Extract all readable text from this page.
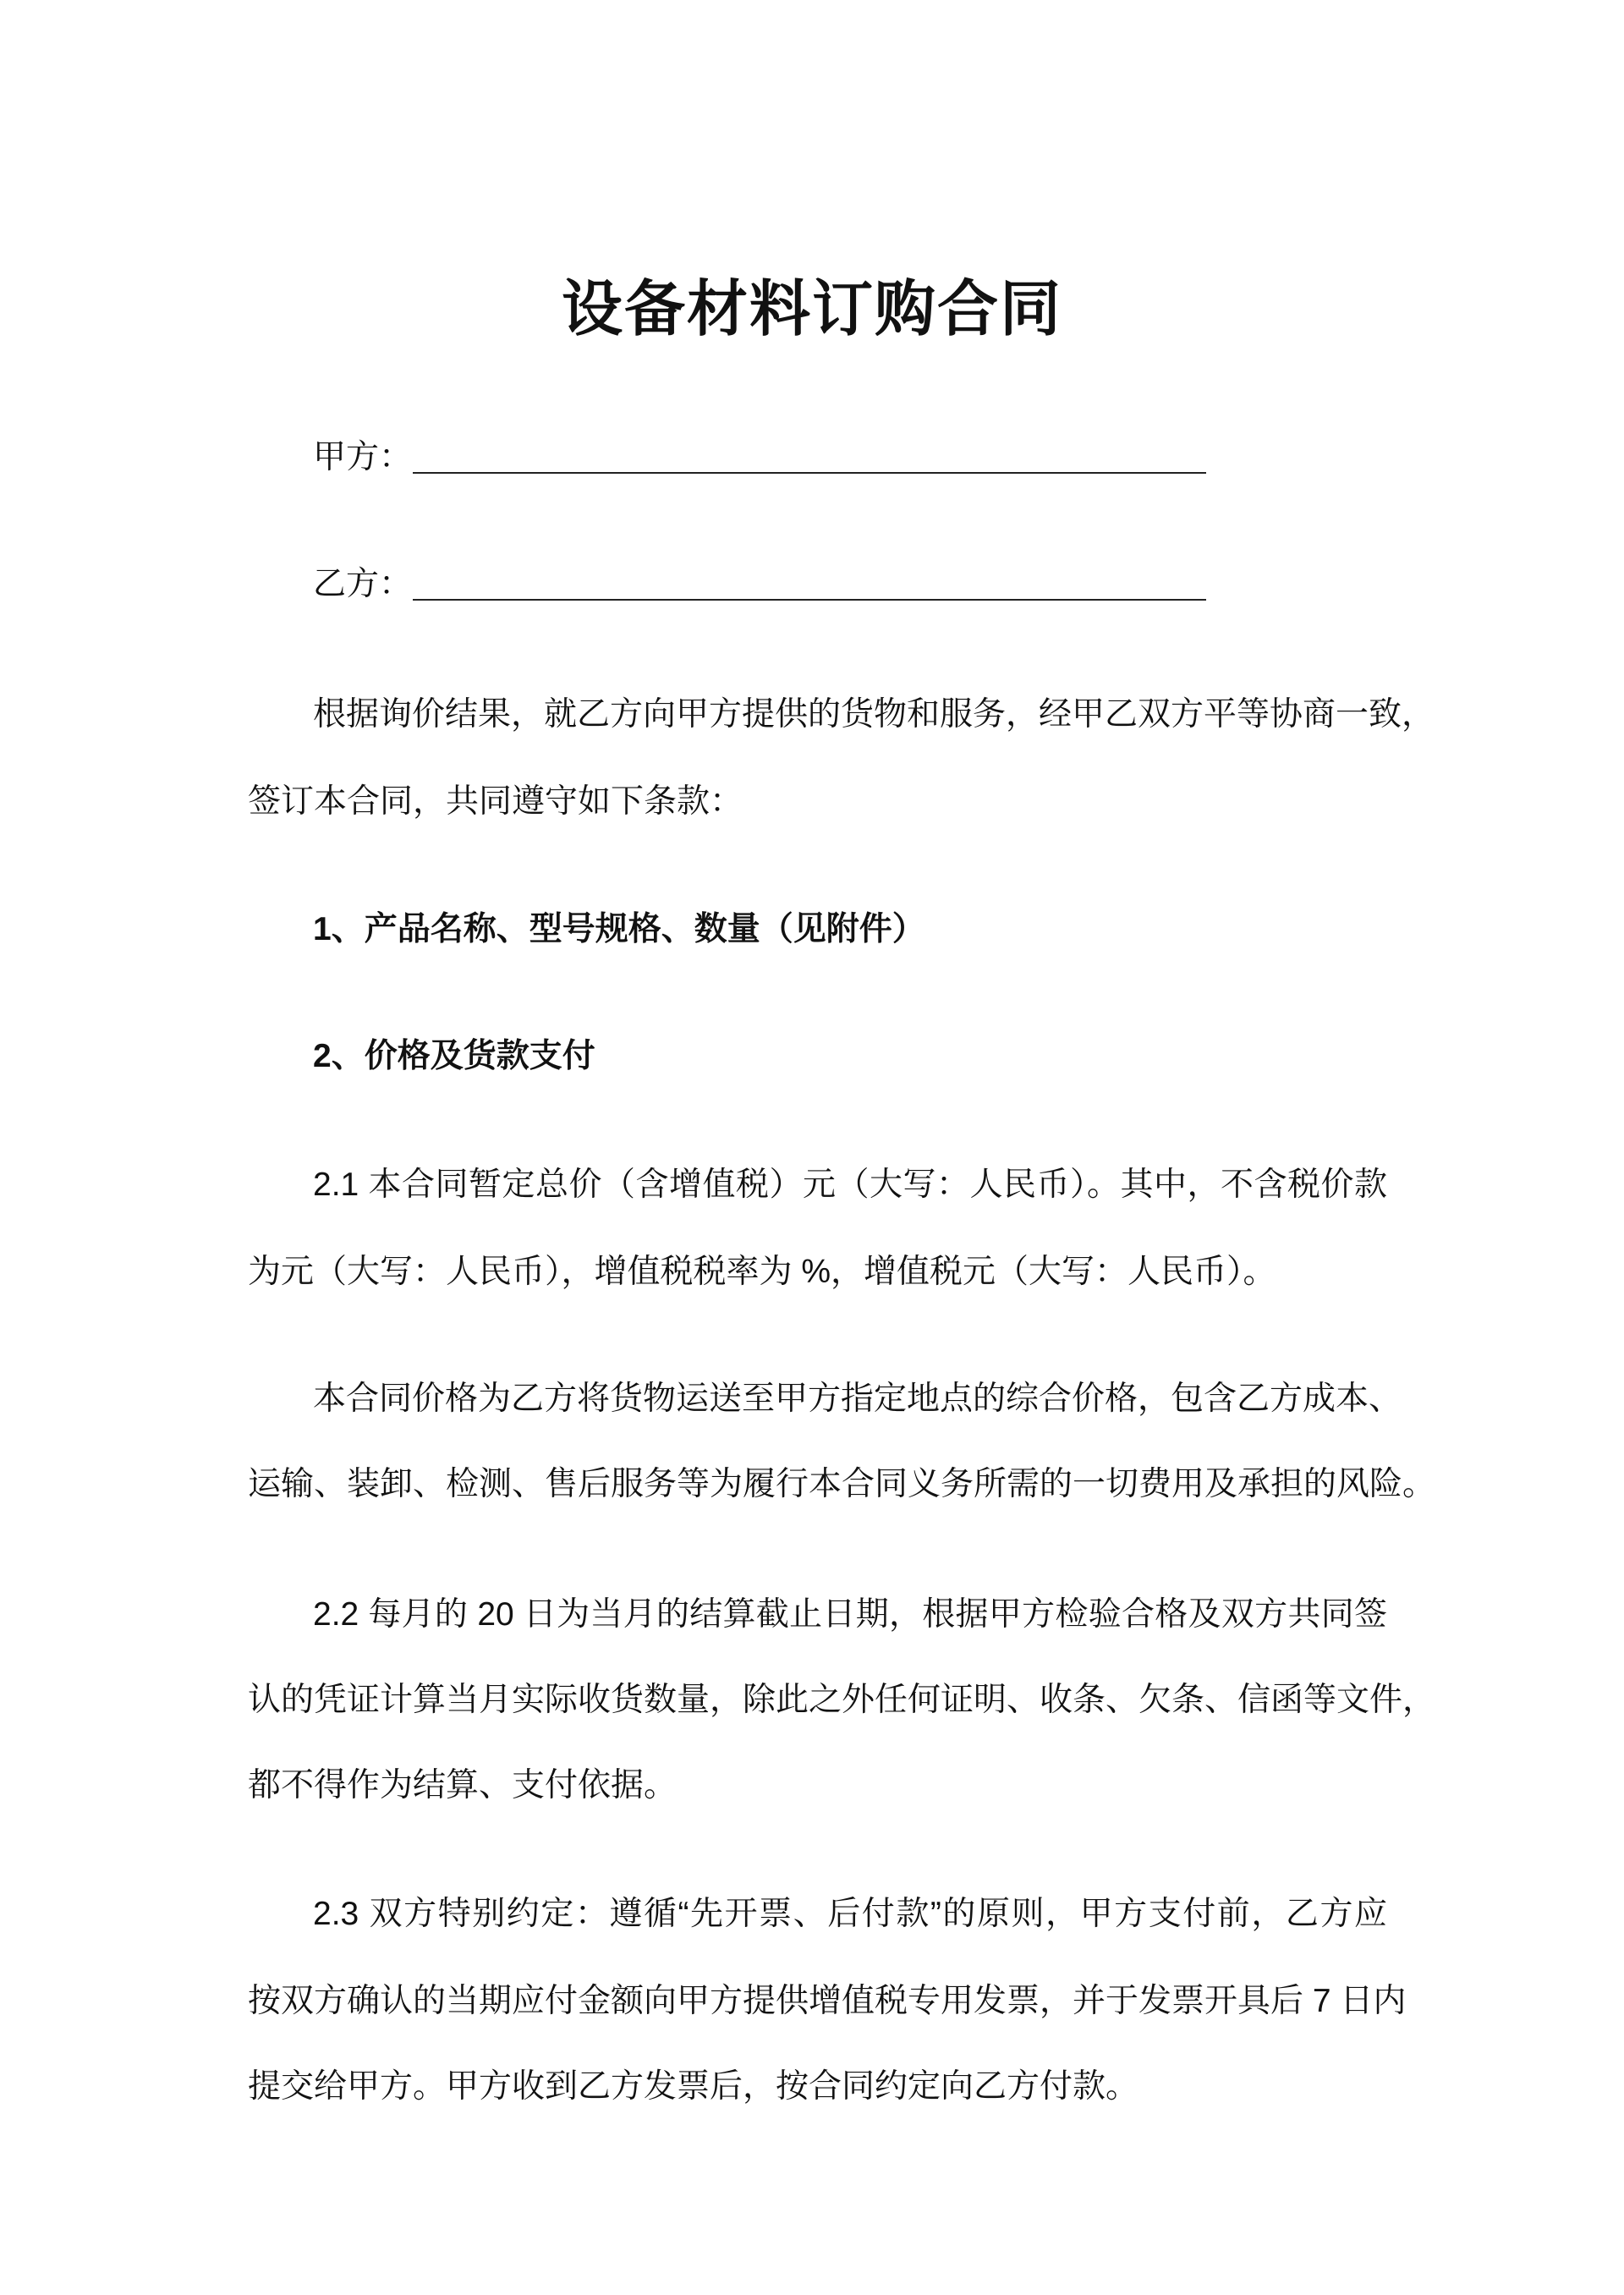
设备材料订购合同
甲方：
乙方：
根据询价结果，就乙方向甲方提供的货物和服务，经甲乙双方平等协商一致，
签订本合同，共同遵守如下条款：
1、产品名称、型号规格、数量（见附件）
2、价格及货款支付
2.1 本合同暂定总价（含增值税）元（大写：人民币）。其中，不含税价款
为元（大写：人民币），增值税税率为 %，增值税元（大写：人民币）。
本合同价格为乙方将货物运送至甲方指定地点的综合价格，包含乙方成本、
运输、装卸、检测、售后服务等为履行本合同义务所需的一切费用及承担的风险。
2.2 每月的 20 日为当月的结算截止日期，根据甲方检验合格及双方共同签
认的凭证计算当月实际收货数量，除此之外任何证明、收条、欠条、信函等文件，
都不得作为结算、支付依据。
2.3 双方特别约定：遵循“先开票、后付款”的原则，甲方支付前，乙方应
按双方确认的当期应付金额向甲方提供增值税专用发票，并于发票开具后 7 日内
提交给甲方。甲方收到乙方发票后，按合同约定向乙方付款。
